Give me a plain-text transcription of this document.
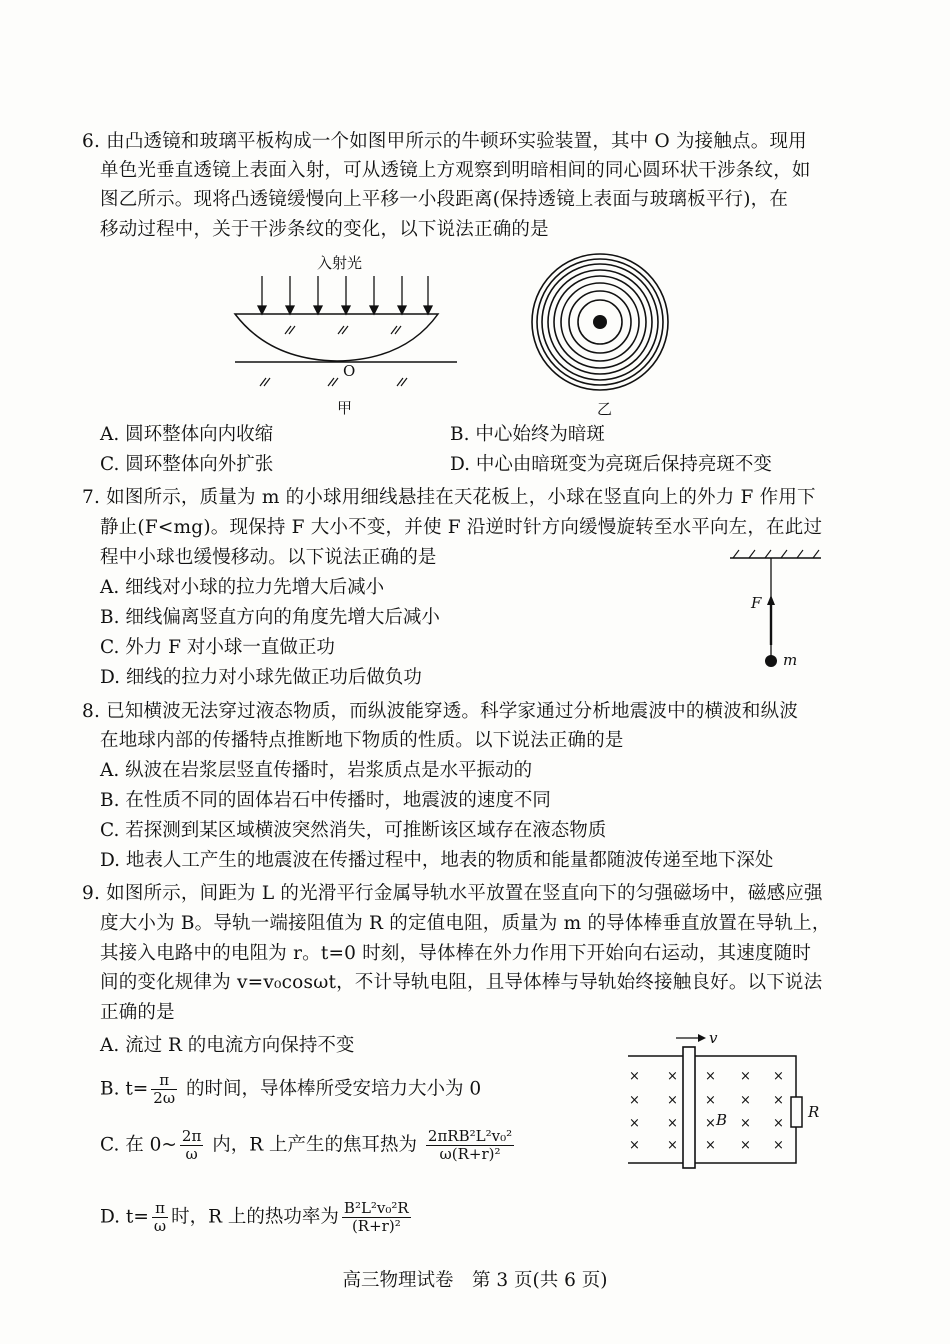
6. 由凸透镜和玻璃平板构成一个如图甲所示的牛顿环实验装置，其中 O 为接触点。现用
单色光垂直透镜上表面入射，可从透镜上方观察到明暗相间的同心圆环状干涉条纹，如
图乙所示。现将凸透镜缓慢向上平移一小段距离(保持透镜上表面与玻璃板平行)，在
移动过程中，关于干涉条纹的变化，以下说法正确的是
入射光
O
甲	乙
A. 圆环整体向内收缩	B. 中心始终为暗斑
C. 圆环整体向外扩张	D. 中心由暗斑变为亮斑后保持亮斑不变
7. 如图所示，质量为 m 的小球用细线悬挂在天花板上，小球在竖直向上的外力 F 作用下
静止(F<mg)。现保持 F 大小不变，并使 F 沿逆时针方向缓慢旋转至水平向左，在此过
程中小球也缓慢移动。以下说法正确的是
A. 细线对小球的拉力先增大后减小
B. 细线偏离竖直方向的角度先增大后减小
C. 外力 F 对小球一直做正功
D. 细线的拉力对小球先做正功后做负功
F
m
8. 已知横波无法穿过液态物质，而纵波能穿透。科学家通过分析地震波中的横波和纵波
在地球内部的传播特点推断地下物质的性质。以下说法正确的是
A. 纵波在岩浆层竖直传播时，岩浆质点是水平振动的
B. 在性质不同的固体岩石中传播时，地震波的速度不同
C. 若探测到某区域横波突然消失，可推断该区域存在液态物质
D. 地表人工产生的地震波在传播过程中，地表的物质和能量都随波传递至地下深处
9. 如图所示，间距为 L 的光滑平行金属导轨水平放置在竖直向下的匀强磁场中，磁感应强
度大小为 B。导轨一端接阻值为 R 的定值电阻，质量为 m 的导体棒垂直放置在导轨上，
其接入电路中的电阻为 r。t=0 时刻，导体棒在外力作用下开始向右运动，其速度随时
间的变化规律为 v=v₀cosωt，不计导轨电阻，且导体棒与导轨始终接触良好。以下说法
正确的是
A. 流过 R 的电流方向保持不变
B. $t= \frac{\pi}{2\omega}$ 的时间，导体棒所受安培力大小为 0
C. 在 0~ $\frac{2\pi}{\omega}$ 内，R 上产生的焦耳热为 $\frac{\text{2πRB²L²v₀²}}{\text{ω(R+r)²}}$
D. $t= \frac{\pi}{\omega}$ 时，R 上的热功率为 $\frac{\text{B²L²v₀²R}}{\text{(R+r)²}}$
v
R
× × × × ×
× × × × ×
× × × × ×
× × × × ×
B
高三物理试卷　第 3 页(共 6 页)
